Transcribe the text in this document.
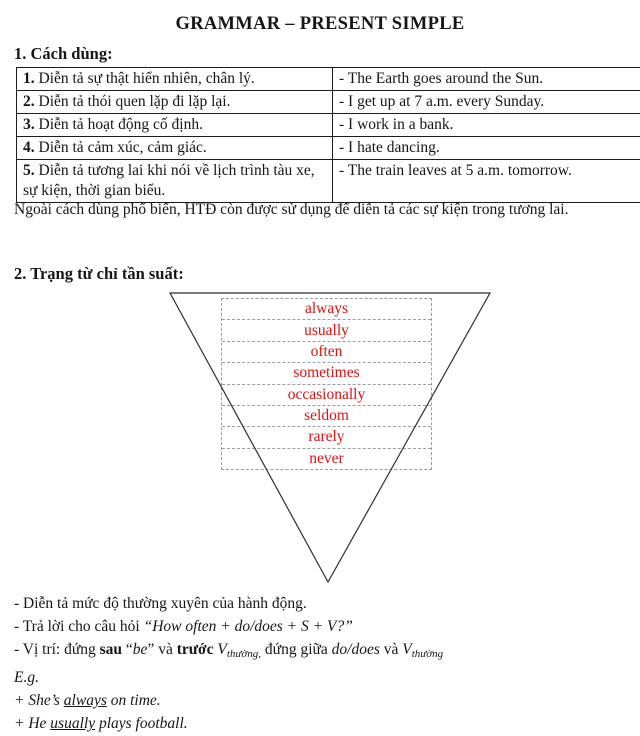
GRAMMAR – PRESENT SIMPLE
1. Cách dùng:
1. Diễn tả sự thật hiển nhiên, chân lý.	- The Earth goes around the Sun.
2. Diễn tả thói quen lặp đi lặp lại.	- I get up at 7 a.m. every Sunday.
3. Diễn tả hoạt động cố định.	- I work in a bank.
4. Diễn tả cảm xúc, cảm giác.	- I hate dancing.
5. Diễn tả tương lai khi nói về lịch trình tàu xe, sự kiện, thời gian biểu.	- The train leaves at 5 a.m. tomorrow.
Ngoài cách dùng phổ biến, HTĐ còn được sử dụng để diễn tả các sự kiện trong tương lai.
2. Trạng từ chỉ tần suất:
always
usually
often
sometimes
occasionally
seldom
rarely
never
- Diễn tả mức độ thường xuyên của hành động.
- Trả lời cho câu hỏi “How often + do/does + S + V?”
- Vị trí: đứng sau “be” và trước $V_{thường,}$ đứng giữa do/does và $V_{thường}$
E.g.
+ She’s always on time.
+ He usually plays football.
